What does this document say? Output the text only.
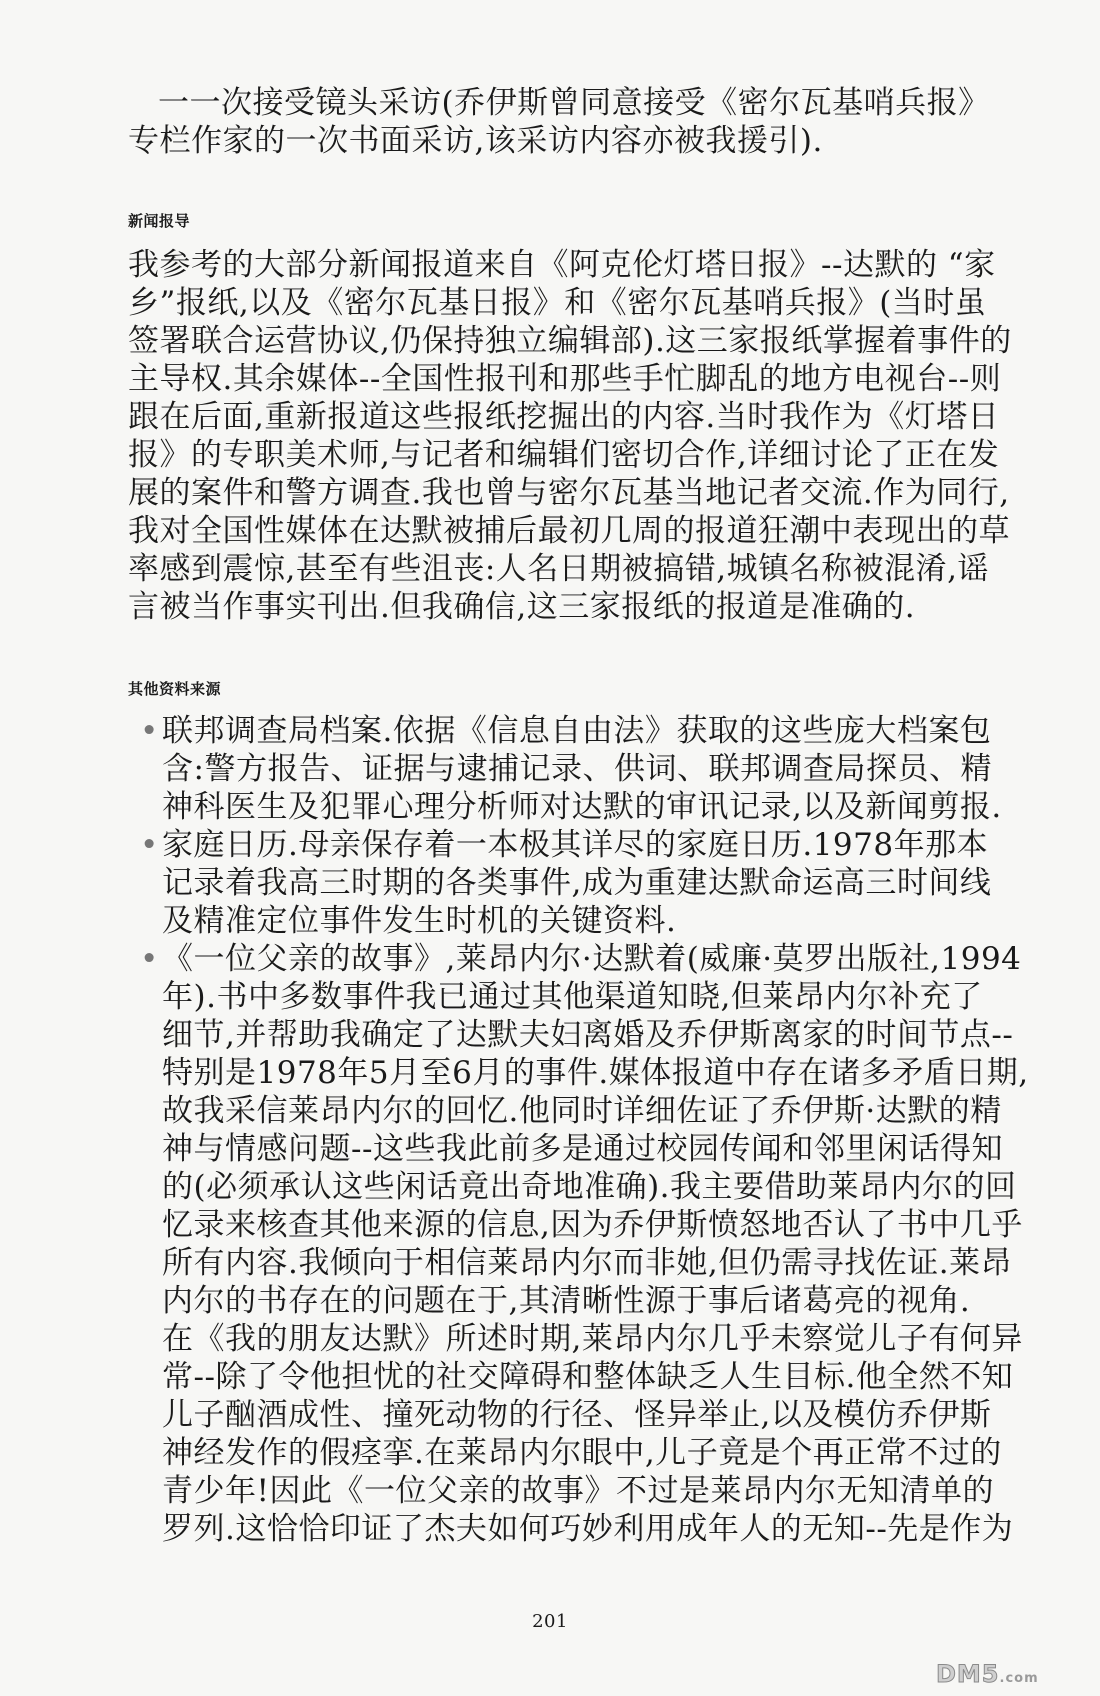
一一次接受镜头采访(乔伊斯曾同意接受《密尔瓦基哨兵报》
专栏作家的一次书面采访,该采访内容亦被我援引).
新闻报导
我参考的大部分新闻报道来自《阿克伦灯塔日报》--达默的 “家
乡”报纸,以及《密尔瓦基日报》和《密尔瓦基哨兵报》(当时虽
签署联合运营协议,仍保持独立编辑部).这三家报纸掌握着事件的
主导权.其余媒体--全国性报刊和那些手忙脚乱的地方电视台--则
跟在后面,重新报道这些报纸挖掘出的内容.当时我作为《灯塔日
报》的专职美术师,与记者和编辑们密切合作,详细讨论了正在发
展的案件和警方调查.我也曾与密尔瓦基当地记者交流.作为同行,
我对全国性媒体在达默被捕后最初几周的报道狂潮中表现出的草
率感到震惊,甚至有些沮丧:人名日期被搞错,城镇名称被混淆,谣
言被当作事实刊出.但我确信,这三家报纸的报道是准确的.
其他资料来源
• 联邦调查局档案.依据《信息自由法》获取的这些庞大档案包
含:警方报告、证据与逮捕记录、供词、联邦调查局探员、精
神科医生及犯罪心理分析师对达默的审讯记录,以及新闻剪报.
• 家庭日历.母亲保存着一本极其详尽的家庭日历.1978年那本
记录着我高三时期的各类事件,成为重建达默命运高三时间线
及精准定位事件发生时机的关键资料.
• 《一位父亲的故事》,莱昂内尔·达默着(威廉·莫罗出版社,1994
年).书中多数事件我已通过其他渠道知晓,但莱昂内尔补充了
细节,并帮助我确定了达默夫妇离婚及乔伊斯离家的时间节点--
特别是1978年5月至6月的事件.媒体报道中存在诸多矛盾日期,
故我采信莱昂内尔的回忆.他同时详细佐证了乔伊斯·达默的精
神与情感问题--这些我此前多是通过校园传闻和邻里闲话得知
的(必须承认这些闲话竟出奇地准确).我主要借助莱昂内尔的回
忆录来核查其他来源的信息,因为乔伊斯愤怒地否认了书中几乎
所有内容.我倾向于相信莱昂内尔而非她,但仍需寻找佐证.莱昂
内尔的书存在的问题在于,其清晰性源于事后诸葛亮的视角.
在《我的朋友达默》所述时期,莱昂内尔几乎未察觉儿子有何异
常--除了令他担忧的社交障碍和整体缺乏人生目标.他全然不知
儿子酗酒成性、撞死动物的行径、怪异举止,以及模仿乔伊斯
神经发作的假痉挛.在莱昂内尔眼中,儿子竟是个再正常不过的
青少年!因此《一位父亲的故事》不过是莱昂内尔无知清单的
罗列.这恰恰印证了杰夫如何巧妙利用成年人的无知--先是作为
201
DM5.com
